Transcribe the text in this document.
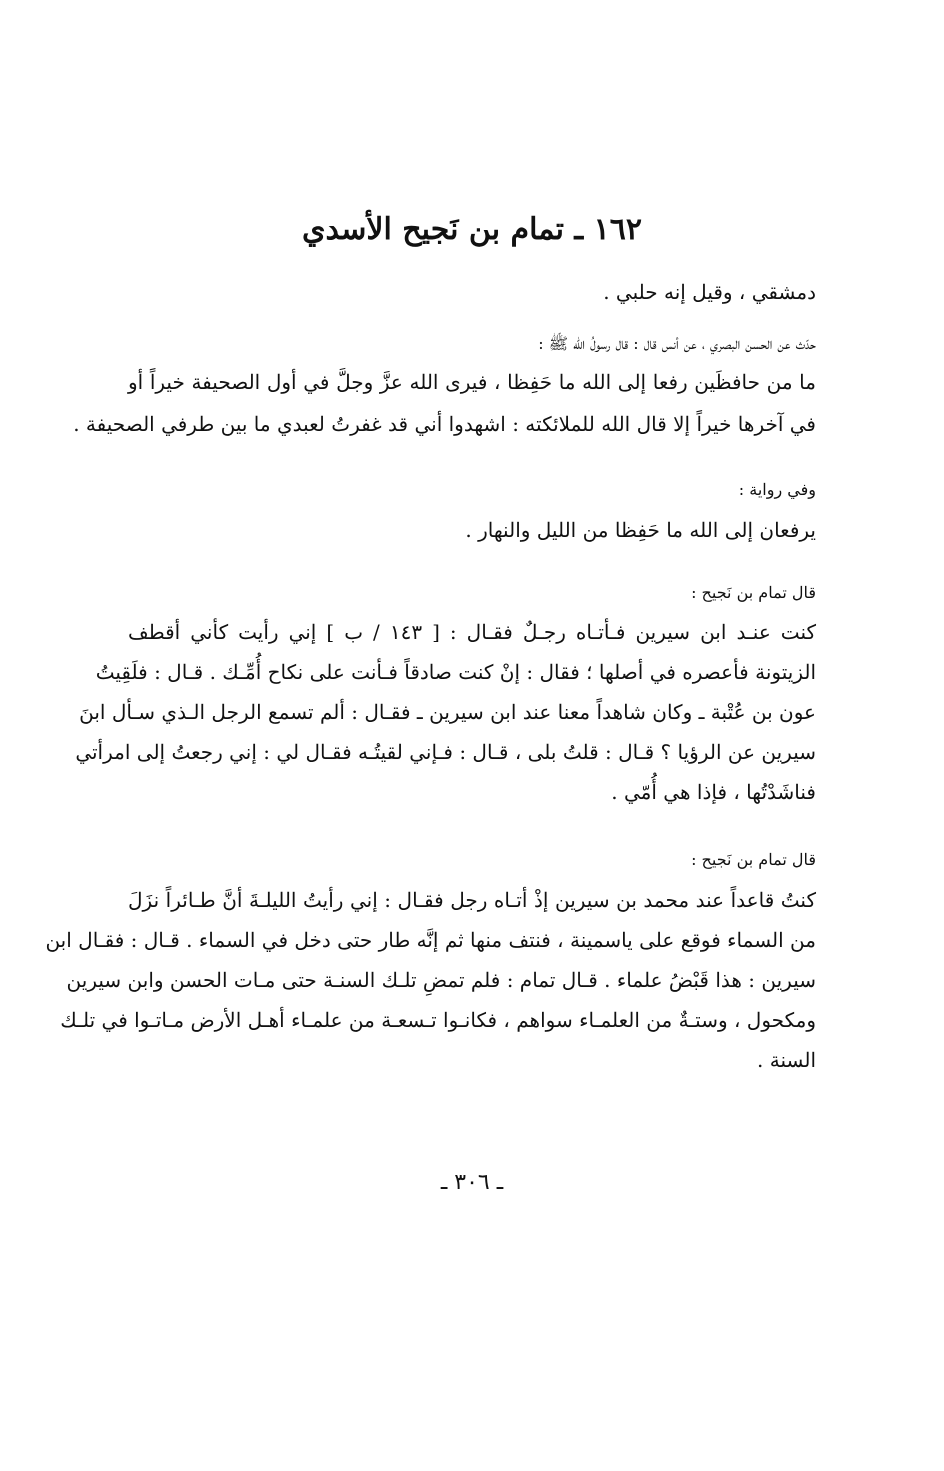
١٦٢ ـ تمام بن نَجيح الأسدي
دمشقي ، وقيل إنه حلبي .
حدّث عن الحسن البصري ، عن أنس قال : قال رسولُ الله ﷺ :
ما من حافظَين رفعا إلى الله ما حَفِظا ، فيرى الله عزَّ وجلَّ في أول الصحيفة خيراً أو
في آخرها خيراً إلا قال الله للملائكته : اشهدوا أني قد غفرتُ لعبدي ما بين طرفي الصحيفة .
وفي رواية :
يرفعان إلى الله ما حَفِظا من الليل والنهار .
قال تمام بن نَجيح :
كنت عنـد ابن سيرين فـأتـاه رجـلٌ فقـال : [ ١٤٣ / ب ] إني رأيت كأني أقطف
الزيتونة فأعصره في أصلها ؛ فقال : إنْ كنت صادقاً فـأنت على نكاح أُمِّـك . قـال : فلَقِيتُ
عون بن عُتْبة ـ وكان شاهداً معنا عند ابن سيرين ـ فقـال : ألم تسمع الرجل الـذي سـأل ابنَ
سيرين عن الرؤيا ؟ قـال : قلتُ بلى ، قـال : فـإني لقيتُـه فقـال لي : إني رجعتُ إلى امرأتي
فناشَدْتُها ، فإذا هي أُمّي .
قال تمام بن نَجيح :
كنتُ قاعداً عند محمد بن سيرين إذْ أتـاه رجل فقـال : إني رأيتُ الليلـةَ أنَّ طـائراً نزَلَ
من السماء فوقع على ياسمينة ، فنتف منها ثم إنَّه طار حتى دخل في السماء . قـال : فقـال ابن
سيرين : هذا قَبْضُ علماء . قـال تمام : فلم تمضِ تلـك السنـة حتى مـات الحسن وابن سيرين
ومكحول ، وستـةٌ من العلمـاء سواهم ، فكانـوا تـسعـة من علمـاء أهـل الأرض مـاتـوا في تلـك
السنة .
ـ ٣٠٦ ـ
